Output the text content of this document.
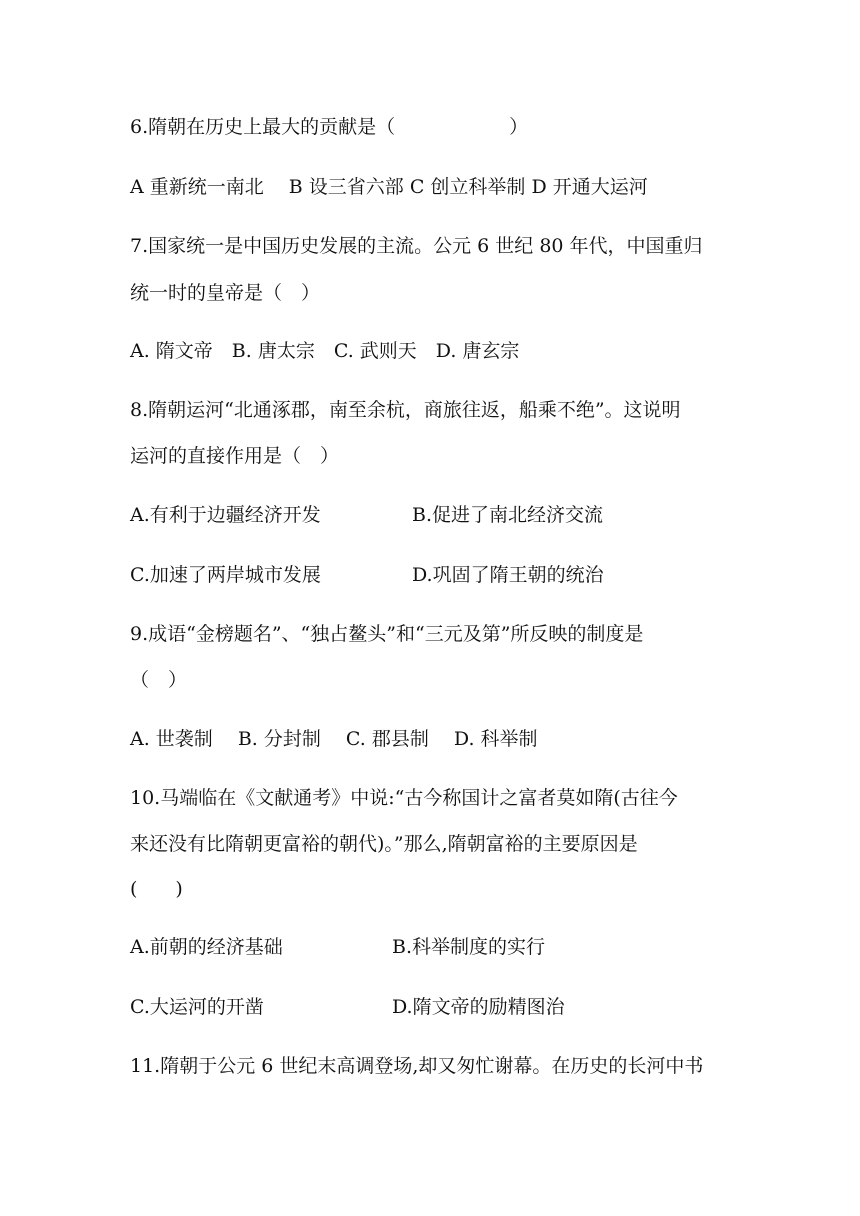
6.隋朝在历史上最大的贡献是（　　　　　　）

A 重新统一南北　 B 设三省六部 C 创立科举制 D 开通大运河

7.国家统一是中国历史发展的主流。公元 6 世纪 80 年代，中国重归

统一时的皇帝是（　）

A. 隋文帝　B. 唐太宗　C. 武则天　D. 唐玄宗

8.隋朝运河“北通涿郡，南至余杭，商旅往返，船乘不绝”。这说明

运河的直接作用是（　）

A.有利于边疆经济开发	B.促进了南北经济交流
C.加速了两岸城市发展	D.巩固了隋王朝的统治

9.成语“金榜题名”、“独占鳌头”和“三元及第”所反映的制度是

（　）

A. 世袭制　 B. 分封制　 C. 郡县制　 D. 科举制

10.马端临在《文献通考》中说:“古今称国计之富者莫如隋(古往今

来还没有比隋朝更富裕的朝代)。”那么,隋朝富裕的主要原因是

(　　)

A.前朝的经济基础	B.科举制度的实行
C.大运河的开凿	D.隋文帝的励精图治

11.隋朝于公元 6 世纪末高调登场,却又匆忙谢幕。在历史的长河中书
